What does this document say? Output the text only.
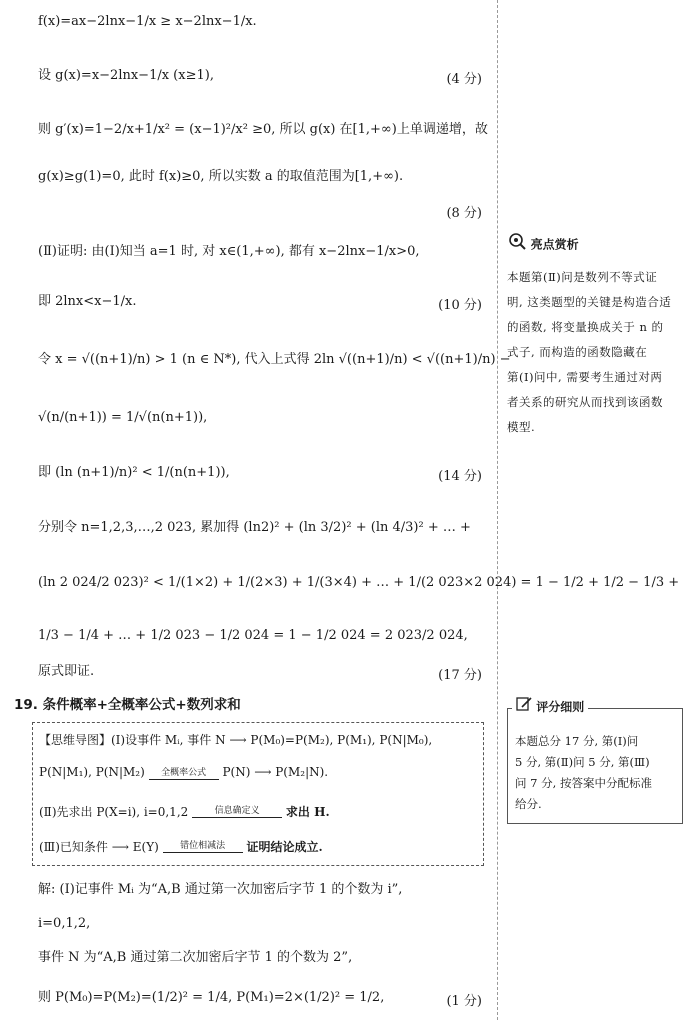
f(x)=ax−2lnx−1/x ≥ x−2lnx−1/x.
设 g(x)=x−2lnx−1/x (x≥1),	(4 分)
则 g′(x)=1−2/x+1/x² = (x−1)²/x² ≥0, 所以 g(x) 在[1,+∞)上单调递增，故
g(x)≥g(1)=0, 此时 f(x)≥0, 所以实数 a 的取值范围为[1,+∞).
(8 分)
(Ⅱ)证明: 由(Ⅰ)知当 a=1 时, 对 x∈(1,+∞), 都有 x−2lnx−1/x>0,
即 2lnx<x−1/x.	(10 分)
令 x = √((n+1)/n) > 1 (n ∈ N*), 代入上式得 2ln √((n+1)/n) < √((n+1)/n) −
√(n/(n+1)) = 1/√(n(n+1)),
即 (ln (n+1)/n)² < 1/(n(n+1)),	(14 分)
分别令 n=1,2,3,…,2 023, 累加得 (ln2)² + (ln 3/2)² + (ln 4/3)² + … +
(ln 2 024/2 023)² < 1/(1×2) + 1/(2×3) + 1/(3×4) + … + 1/(2 023×2 024) = 1 − 1/2 + 1/2 − 1/3 +
1/3 − 1/4 + … + 1/2 023 − 1/2 024 = 1 − 1/2 024 = 2 023/2 024,
原式即证.	(17 分)
亮点赏析
本题第(Ⅱ)问是数列不等式证
明, 这类题型的关键是构造合适
的函数, 将变量换成关于 n 的
式子, 而构造的函数隐藏在
第(Ⅰ)问中, 需要考生通过对两
者关系的研究从而找到该函数
模型.
19. 条件概率+全概率公式+数列求和
【思维导图】(Ⅰ)设事件 Mᵢ, 事件 N ⟶ P(M₀)=P(M₂), P(M₁), P(N|M₀),
P(N|M₁), P(N|M₂) 全概率公式 P(N) ⟶ P(M₂|N).
(Ⅱ)先求出 P(X=i), i=0,1,2	信息确定义 求出 H.
(Ⅲ)已知条件 ⟶ E(Y) 错位相减法 证明结论成立.
评分细则
本题总分 17 分, 第(Ⅰ)问
5 分, 第(Ⅱ)问 5 分, 第(Ⅲ)
问 7 分, 按答案中分配标准
给分.
解: (Ⅰ)记事件 Mᵢ 为“A,B 通过第一次加密后字节 1 的个数为 i”,
i=0,1,2,
事件 N 为“A,B 通过第二次加密后字节 1 的个数为 2”,
则 P(M₀)=P(M₂)=(1/2)² = 1/4, P(M₁)=2×(1/2)² = 1/2,	(1 分)
